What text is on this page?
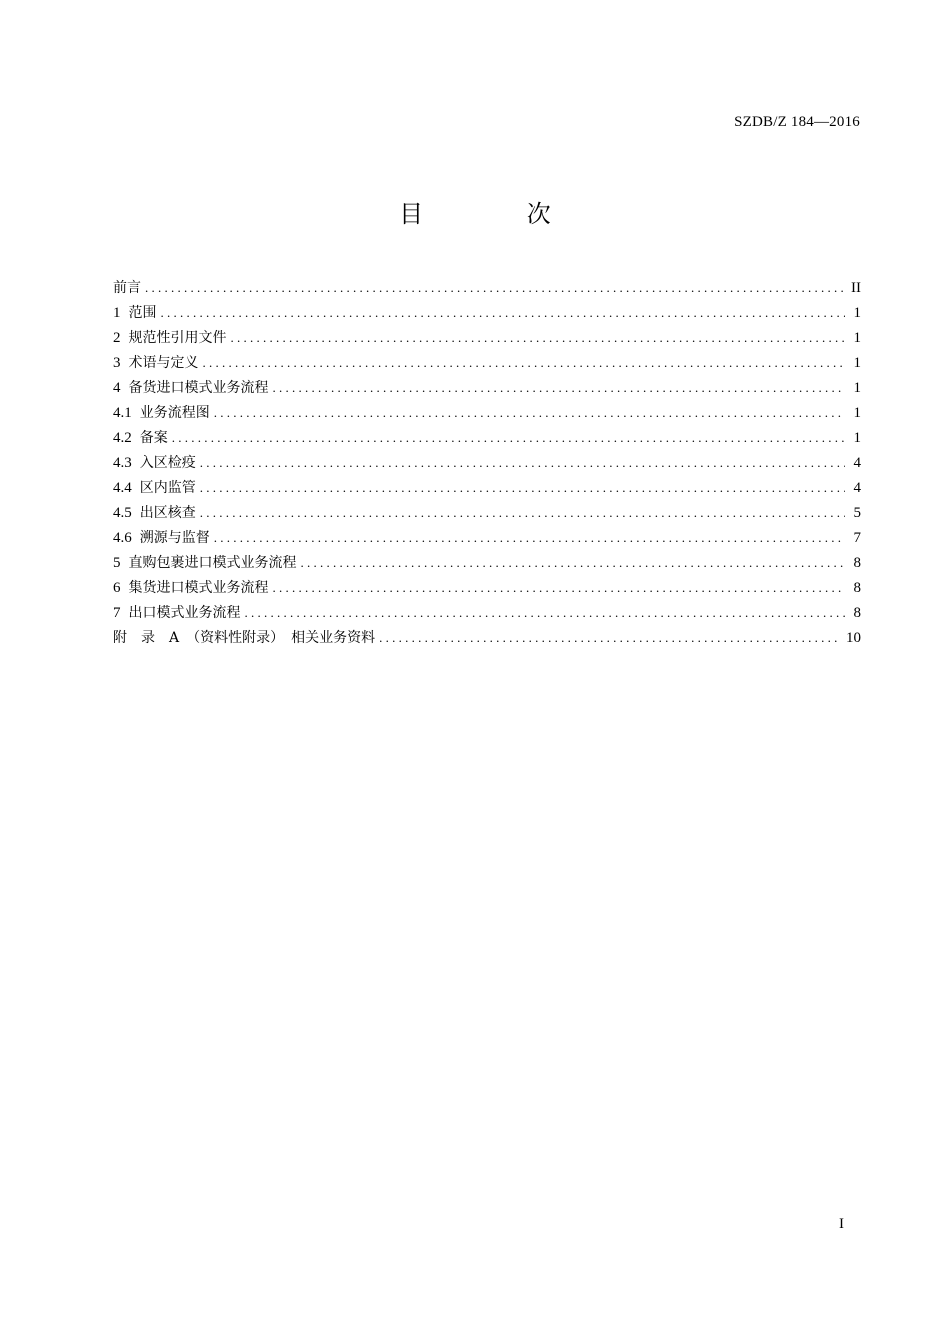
SZDB/Z 184—2016
目 次
前言 . . .	II
1 范围 . . .	1
2 规范性引用文件 . . .	1
3 术语与定义 . . .	1
4 备货进口模式业务流程 . . .	1
4.1 业务流程图 . . .	1
4.2 备案 . . .	1
4.3 入区检疫 . . .	4
4.4 区内监管 . . .	4
4.5 出区核查 . . .	5
4.6 溯源与监督 . . .	7
5 直购包裹进口模式业务流程 . . .	8
6 集货进口模式业务流程 . . .	8
7 出口模式业务流程 . . .	8
附　录　A　（资料性附录）　相关业务资料 . . .	10
I
